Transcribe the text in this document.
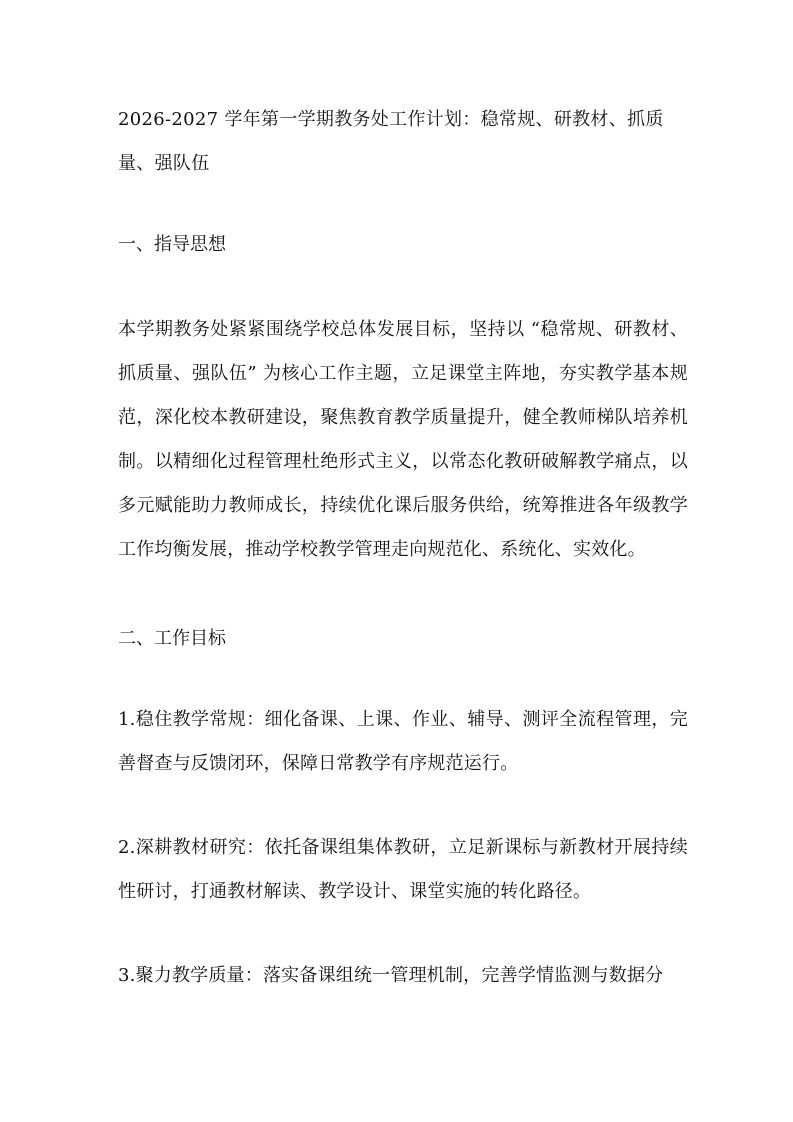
2026-2027 学年第一学期教务处工作计划：稳常规、研教材、抓质量、强队伍
一、指导思想

本学期教务处紧紧围绕学校总体发展目标，坚持以 “稳常规、研教材、抓质量、强队伍” 为核心工作主题，立足课堂主阵地，夯实教学基本规范，深化校本教研建设，聚焦教育教学质量提升，健全教师梯队培养机制。以精细化过程管理杜绝形式主义，以常态化教研破解教学痛点，以多元赋能助力教师成长，持续优化课后服务供给，统筹推进各年级教学工作均衡发展，推动学校教学管理走向规范化、系统化、实效化。

二、工作目标

1.稳住教学常规：细化备课、上课、作业、辅导、测评全流程管理，完善督查与反馈闭环，保障日常教学有序规范运行。

2.深耕教材研究：依托备课组集体教研，立足新课标与新教材开展持续性研讨，打通教材解读、教学设计、课堂实施的转化路径。

3.聚力教学质量：落实备课组统一管理机制，完善学情监测与数据分
